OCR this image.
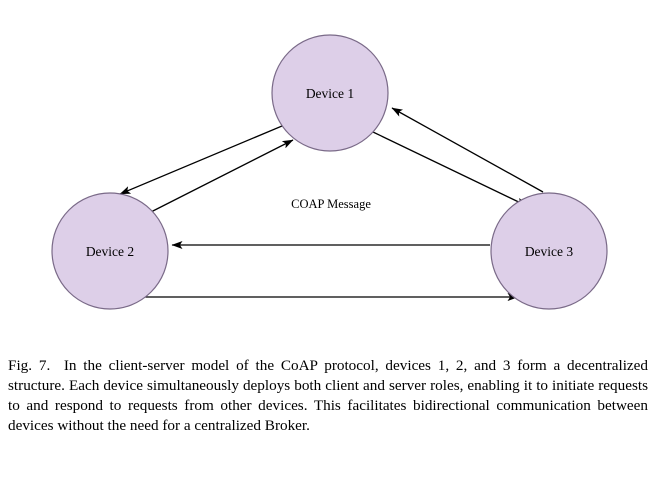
Device 1
Device 2	Device 3
COAP Message
Fig. 7. In the client-server model of the CoAP protocol, devices 1, 2, and 3 form a decentralized structure. Each device simultaneously deploys both client and server roles, enabling it to initiate requests to and respond to requests from other devices. This facilitates bidirectional communication between devices without the need for a centralized Broker.
